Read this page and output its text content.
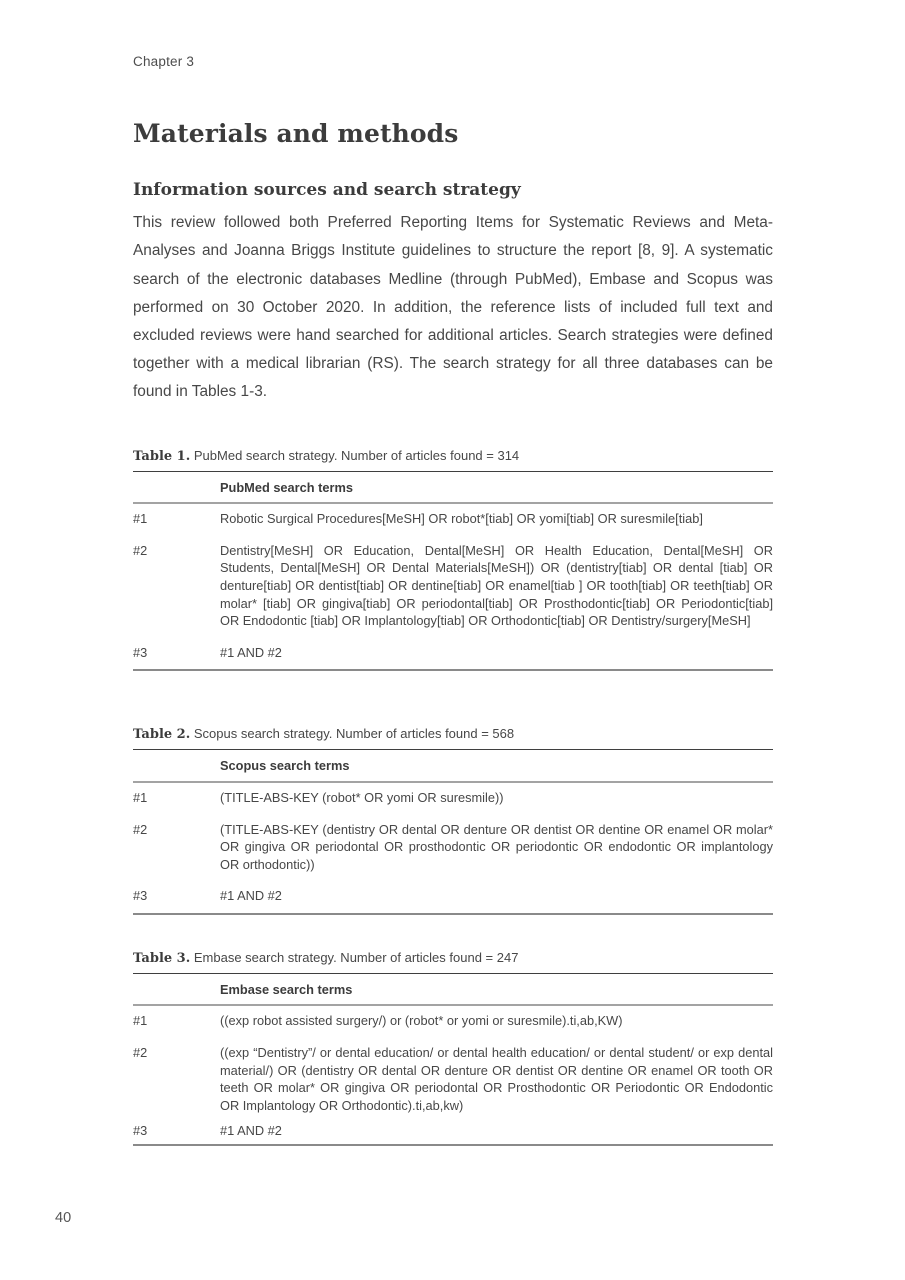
Chapter 3
Materials and methods
Information sources and search strategy

This review followed both Preferred Reporting Items for Systematic Reviews and Meta-Analyses and Joanna Briggs Institute guidelines to structure the report [8, 9]. A systematic search of the electronic databases Medline (through PubMed), Embase and Scopus was performed on 30 October 2020. In addition, the reference lists of included full text and excluded reviews were hand searched for additional articles. Search strategies were defined together with a medical librarian (RS). The search strategy for all three databases can be found in Tables 1-3.

Table 1. PubMed search strategy. Number of articles found = 314
	PubMed search terms
#1	Robotic Surgical Procedures[MeSH] OR robot*[tiab] OR yomi[tiab] OR suresmile[tiab]
#2	Dentistry[MeSH] OR Education, Dental[MeSH] OR Health Education, Dental[MeSH] OR Students, Dental[MeSH] OR Dental Materials[MeSH]) OR (dentistry[tiab] OR dental [tiab] OR denture[tiab] OR dentist[tiab] OR dentine[tiab] OR enamel[tiab ] OR tooth[tiab] OR teeth[tiab] OR molar* [tiab] OR gingiva[tiab] OR periodontal[tiab] OR Prosthodontic[tiab] OR Periodontic[tiab] OR Endodontic [tiab] OR Implantology[tiab] OR Orthodontic[tiab] OR Dentistry/surgery[MeSH]
#3	#1 AND #2
Table 2. Scopus search strategy. Number of articles found = 568
	Scopus search terms
#1	(TITLE-ABS-KEY (robot* OR yomi OR suresmile))
#2	(TITLE-ABS-KEY (dentistry OR dental OR denture OR dentist OR dentine OR enamel OR molar* OR gingiva OR periodontal OR prosthodontic OR periodontic OR endodontic OR implantology OR orthodontic))
#3	#1 AND #2
Table 3. Embase search strategy. Number of articles found = 247
	Embase search terms
#1	((exp robot assisted surgery/) or (robot* or yomi or suresmile).ti,ab,KW)
#2	((exp “Dentistry”/ or dental education/ or dental health education/ or dental student/ or exp dental material/) OR (dentistry OR dental OR denture OR dentist OR dentine OR enamel OR tooth OR teeth OR molar* OR gingiva OR periodontal OR Prosthodontic OR Periodontic OR Endodontic OR Implantology OR Orthodontic).ti,ab,kw)
#3	#1 AND #2
40
